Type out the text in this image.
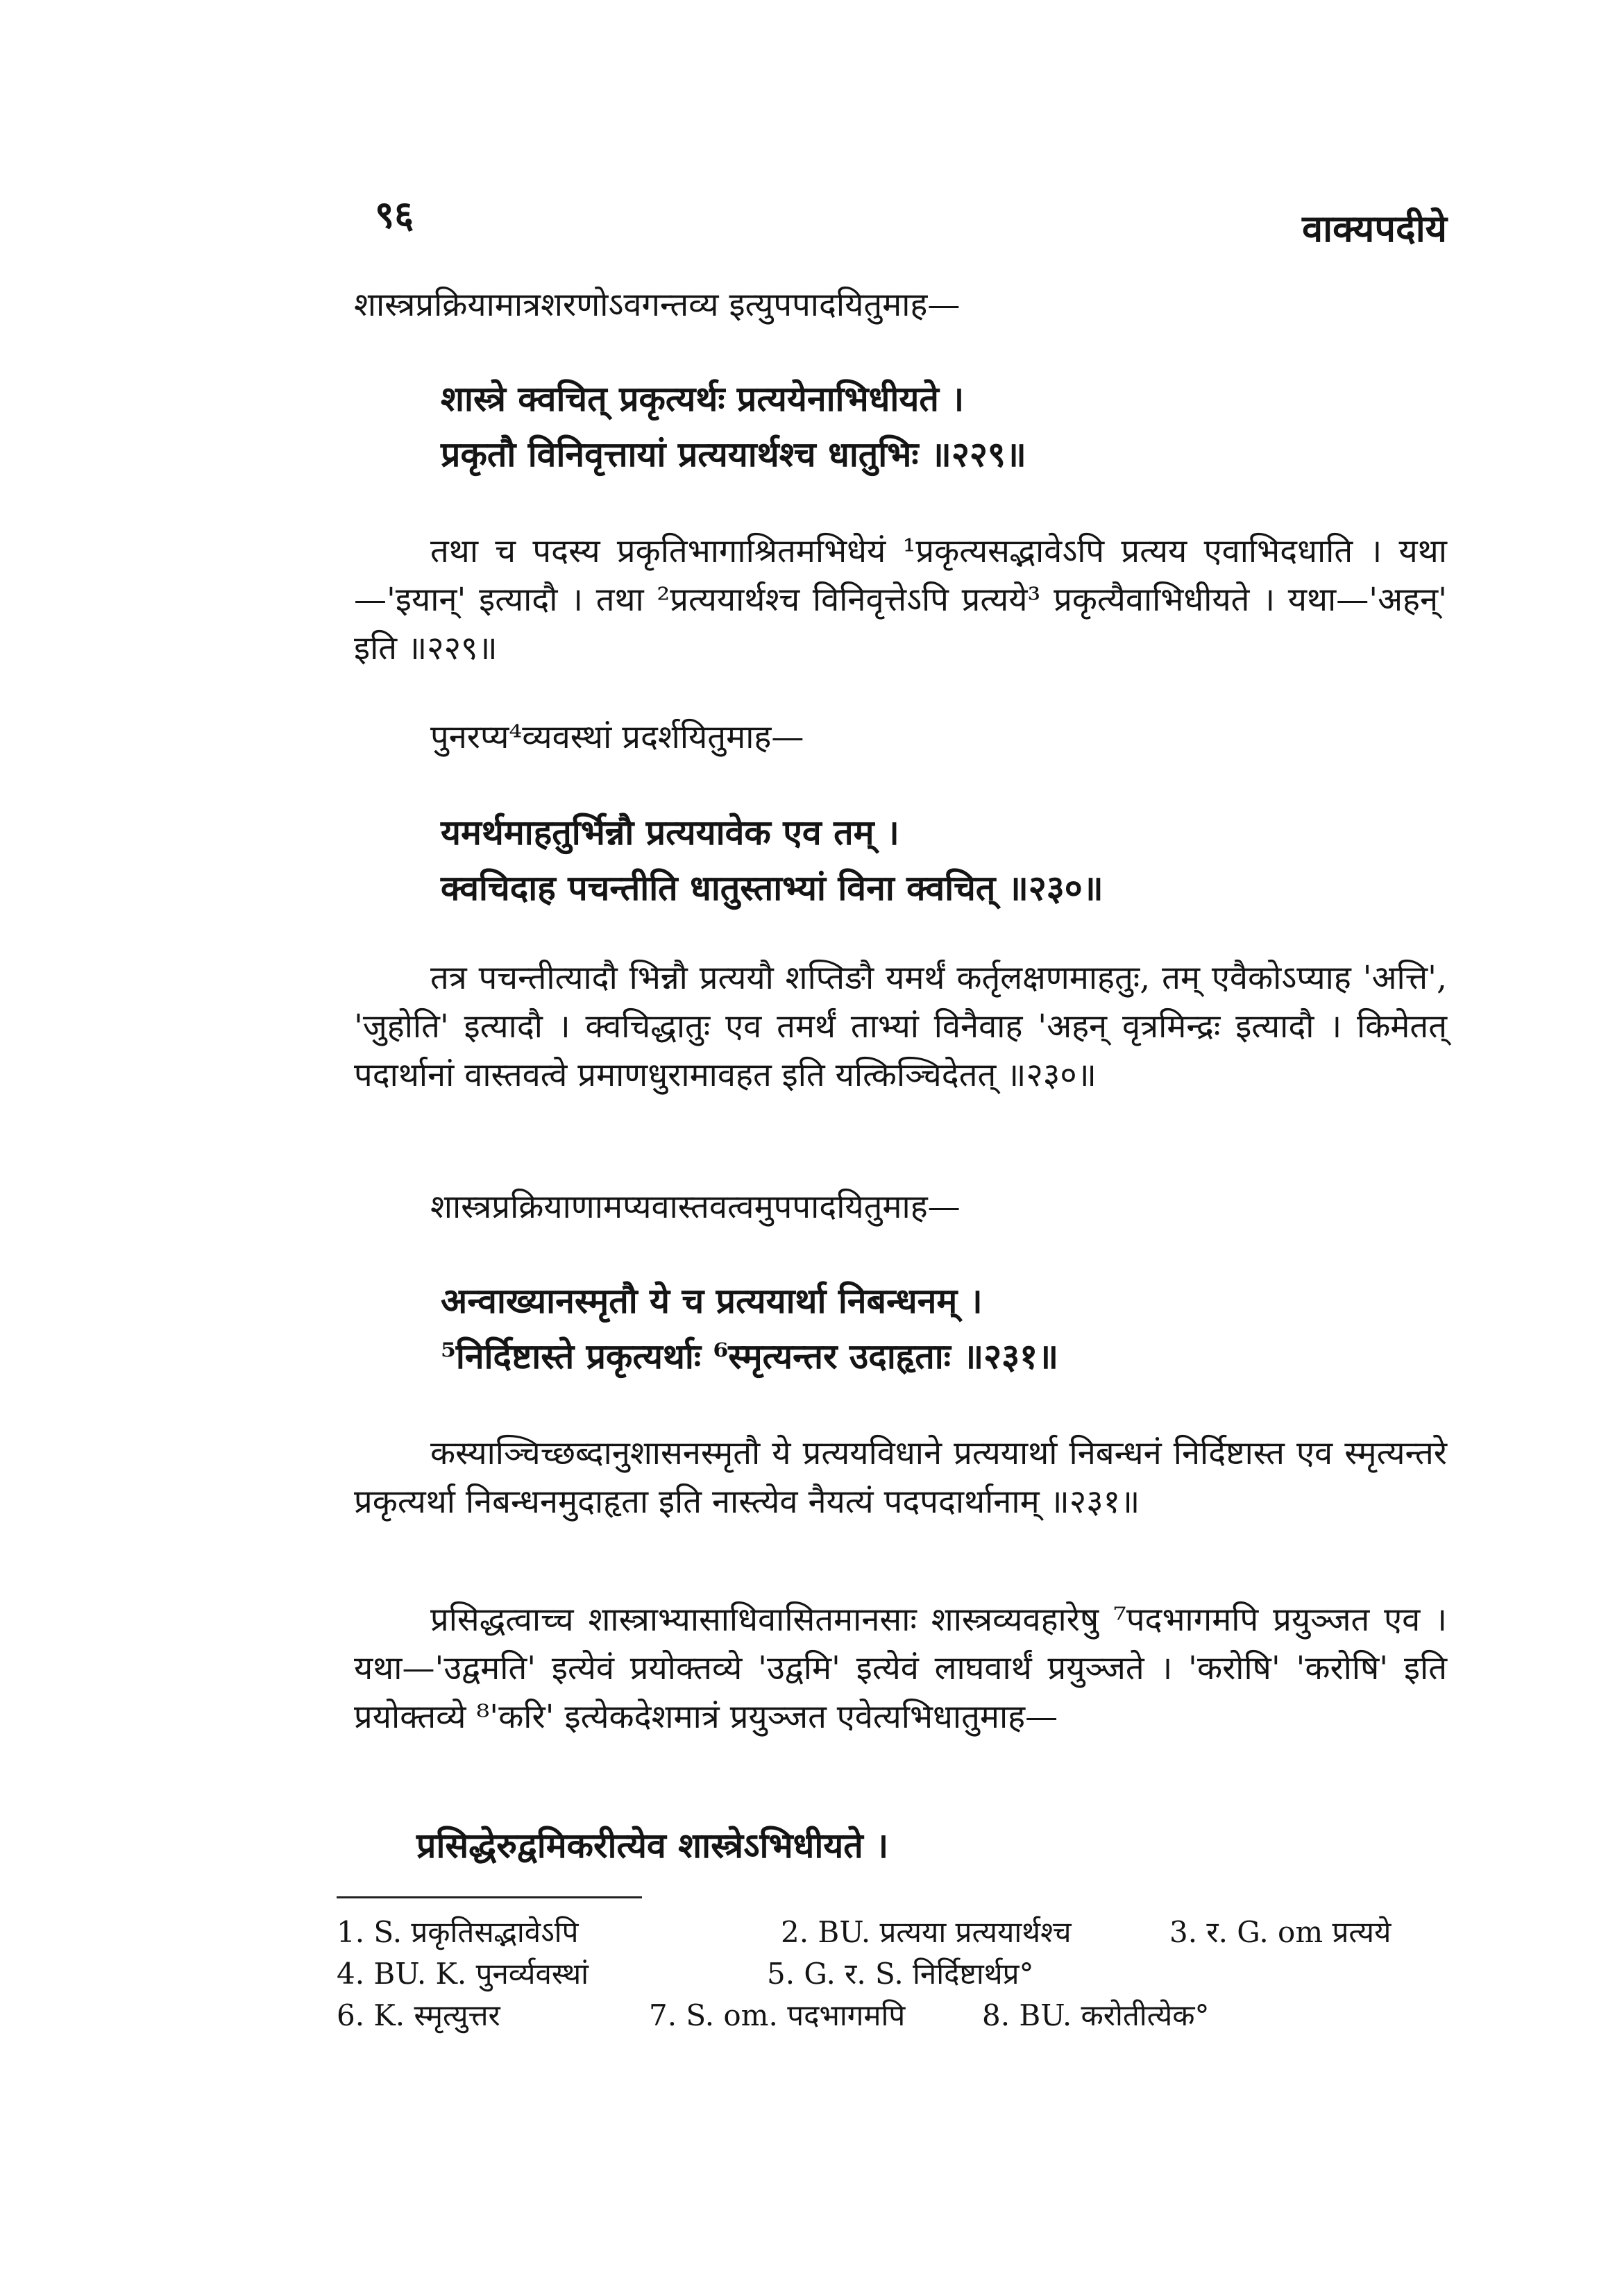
९६	वाक्यपदीये
शास्त्रप्रक्रियामात्रशरणोऽवगन्तव्य इत्युपपादयितुमाह—
शास्त्रे क्वचित् प्रकृत्यर्थः प्रत्ययेनाभिधीयते ।
प्रकृतौ विनिवृत्तायां प्रत्ययार्थश्च धातुभिः ॥२२९॥
तथा च पदस्य प्रकृतिभागाश्रितमभिधेयं ¹प्रकृत्यसद्भावेऽपि प्रत्यय एवाभिदधाति । यथा—'इयान्' इत्यादौ । तथा ²प्रत्ययार्थश्च विनिवृत्तेऽपि प्रत्यये³ प्रकृत्यैवाभिधीयते । यथा—'अहन्' इति ॥२२९॥
पुनरप्य⁴व्यवस्थां प्रदर्शयितुमाह—
यमर्थमाहतुर्भिन्नौ प्रत्ययावेक एव तम् ।
क्वचिदाह पचन्तीति धातुस्ताभ्यां विना क्वचित् ॥२३०॥
तत्र पचन्तीत्यादौ भिन्नौ प्रत्ययौ शप्तिङौ यमर्थं कर्तृलक्षणमाहतुः, तम् एवैकोऽप्याह 'अत्ति', 'जुहोति' इत्यादौ । क्वचिद्धातुः एव तमर्थं ताभ्यां विनैवाह 'अहन् वृत्रमिन्द्रः इत्यादौ । किमेतत् पदार्थानां वास्तवत्वे प्रमाणधुरामावहत इति यत्किञ्चिदेतत् ॥२३०॥
शास्त्रप्रक्रियाणामप्यवास्तवत्वमुपपादयितुमाह—
अन्वाख्यानस्मृतौ ये च प्रत्ययार्था निबन्धनम् ।
⁵निर्दिष्टास्ते प्रकृत्यर्थाः ⁶स्मृत्यन्तर उदाहृताः ॥२३१॥
कस्याञ्चिच्छब्दानुशासनस्मृतौ ये प्रत्ययविधाने प्रत्ययार्था निबन्धनं निर्दिष्टास्त एव स्मृत्यन्तरे प्रकृत्यर्था निबन्धनमुदाहृता इति नास्त्येव नैयत्यं पदपदार्थानाम् ॥२३१॥
प्रसिद्धत्वाच्च शास्त्राभ्यासाधिवासितमानसाः शास्त्रव्यवहारेषु ⁷पदभागमपि प्रयुञ्जत एव । यथा—'उद्वमति' इत्येवं प्रयोक्तव्ये 'उद्वमि' इत्येवं लाघवार्थं प्रयुञ्जते । 'करोषि' 'करोषि' इति प्रयोक्तव्ये ⁸'करि' इत्येकदेशमात्रं प्रयुञ्जत एवेत्यभिधातुमाह—
प्रसिद्धेरुद्वमिकरीत्येव शास्त्रेऽभिधीयते ।
1. S. प्रकृतिसद्भावेऽपि	2. BU. प्रत्यया प्रत्ययार्थश्च	3. र. G. om प्रत्यये
4. BU. K. पुनर्व्यवस्थां	5. G. र. S. निर्दिष्टार्थप्र°
6. K. स्मृत्युत्तर	7. S. om. पदभागमपि	8. BU. करोतीत्येक°
